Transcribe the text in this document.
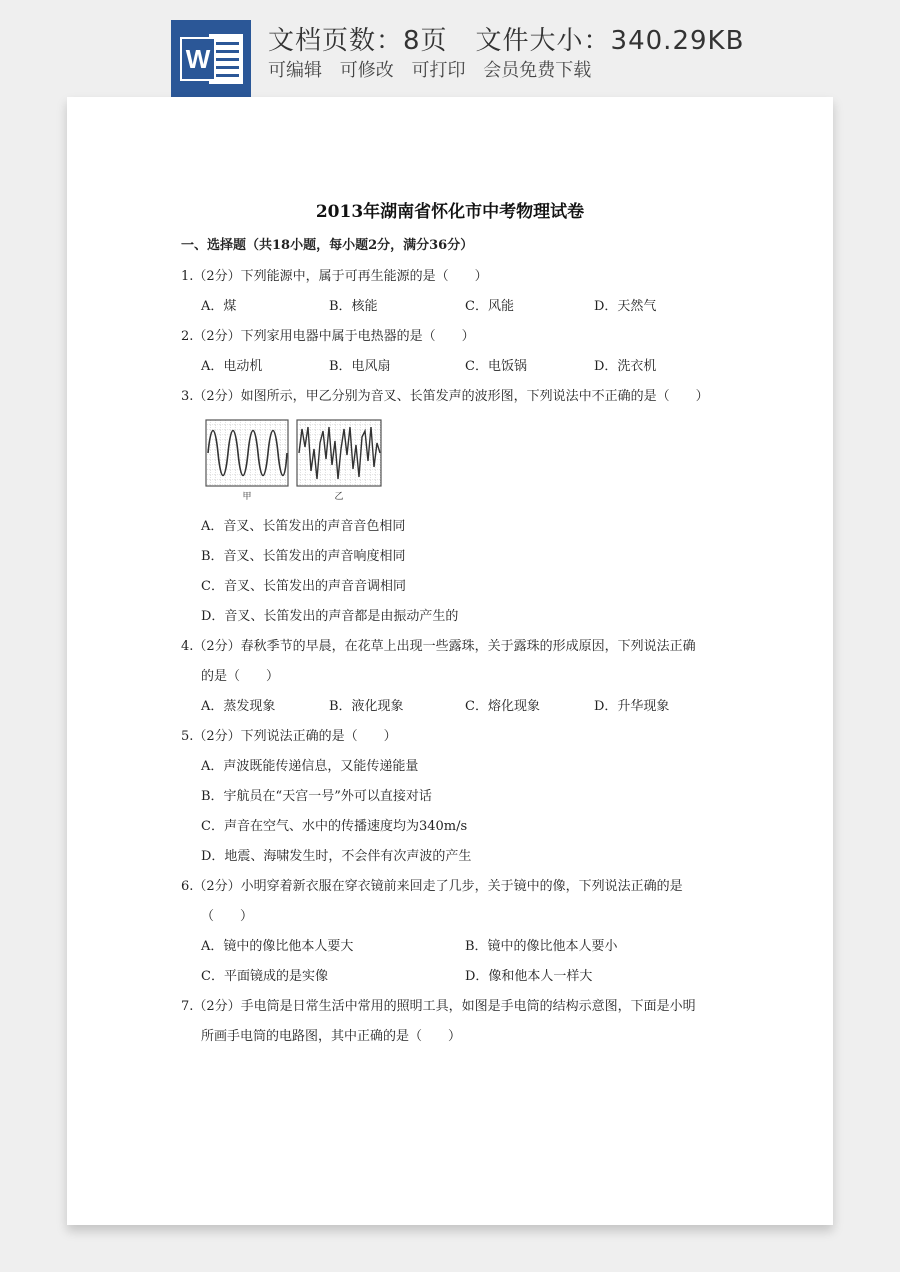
W
文档页数：8页 文件大小：340.29KB
可编辑 可修改 可打印 会员免费下载
2013年湖南省怀化市中考物理试卷
一、选择题（共18小题，每小题2分，满分36分）
1.（2分）下列能源中，属于可再生能源的是（　　）
A．煤	B．核能	C．风能	D．天然气
2.（2分）下列家用电器中属于电热器的是（　　）
A．电动机	B．电风扇	C．电饭锅	D．洗衣机
3.（2分）如图所示，甲乙分别为音叉、长笛发声的波形图，下列说法中不正确的是（　　）
甲	乙
A．音叉、长笛发出的声音音色相同
B．音叉、长笛发出的声音响度相同
C．音叉、长笛发出的声音音调相同
D．音叉、长笛发出的声音都是由振动产生的
4.（2分）春秋季节的早晨，在花草上出现一些露珠，关于露珠的形成原因，下列说法正确
的是（　　）
A．蒸发现象	B．液化现象	C．熔化现象	D．升华现象
5.（2分）下列说法正确的是（　　）
A．声波既能传递信息，又能传递能量
B．宇航员在“天宫一号”外可以直接对话
C．声音在空气、水中的传播速度均为340m/s
D．地震、海啸发生时，不会伴有次声波的产生
6.（2分）小明穿着新衣服在穿衣镜前来回走了几步，关于镜中的像，下列说法正确的是
（　　）
A．镜中的像比他本人要大	B．镜中的像比他本人要小
C．平面镜成的是实像	D．像和他本人一样大
7.（2分）手电筒是日常生活中常用的照明工具，如图是手电筒的结构示意图，下面是小明
所画手电筒的电路图，其中正确的是（　　）
